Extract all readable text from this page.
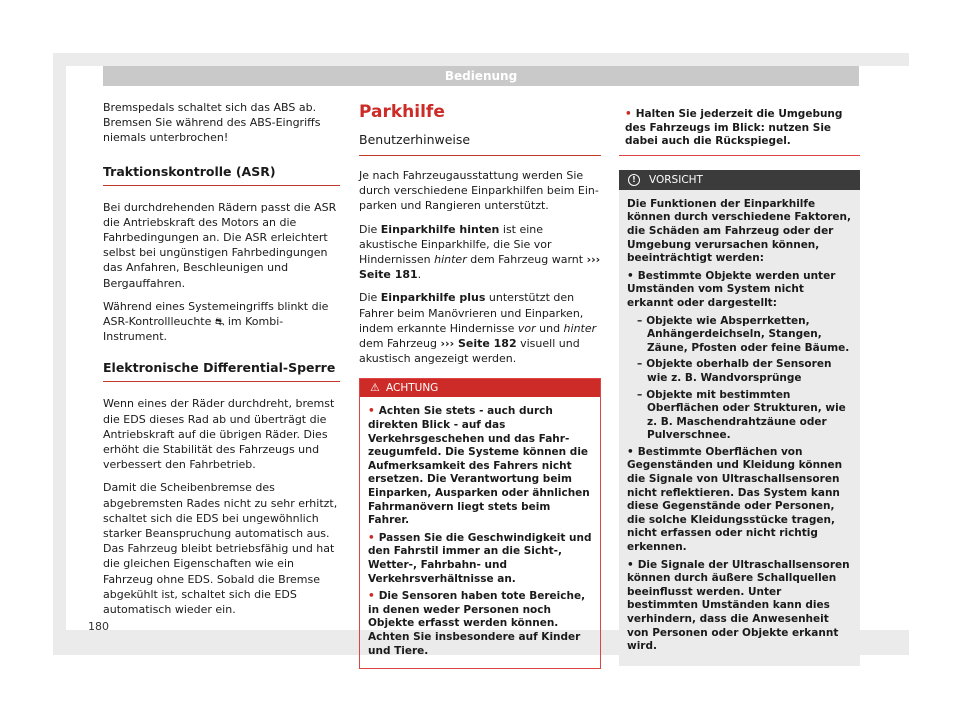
Bedienung

Bremspedals schaltet sich das ABS ab. Bremsen Sie während des ABS-Eingriffs niemals unterbrochen!

Traktionskontrolle (ASR)

Bei durchdrehenden Rädern passt die ASR die Antriebskraft des Motors an die Fahrbedingungen an. Die ASR erleichtert selbst bei ungünstigen Fahrbedingungen das Anfahren, Beschleunigen und Bergauffahren.

Während eines Systemeingriffs blinkt die ASR-Kontrollleuchte ⛐ im Kombi-Instrument.

Elektronische Differential-Sperre

Wenn eines der Räder durchdreht, bremst die EDS dieses Rad ab und überträgt die Antriebskraft auf die übrigen Räder. Dies erhöht die Stabilität des Fahrzeugs und verbessert den Fahrbetrieb.

Damit die Scheibenbremse des abgebremsten Rades nicht zu sehr erhitzt, schaltet sich die EDS bei ungewöhnlich starker Beanspruchung automatisch aus. Das Fahrzeug bleibt betriebsfähig und hat die gleichen Eigenschaften wie ein Fahrzeug ohne EDS. Sobald die Bremse abgekühlt ist, schaltet sich die EDS automatisch wieder ein.

Parkhilfe
Benutzerhinweise

Je nach Fahrzeugausstattung werden Sie durch verschiedene Einparkhilfen beim Einparken und Rangieren unterstützt.

Die Einparkhilfe hinten ist eine akustische Einparkhilfe, die Sie vor Hindernissen hinter dem Fahrzeug warnt ››› Seite 181.

Die Einparkhilfe plus unterstützt den Fahrer beim Manövrieren und Einparken, indem erkannte Hindernisse vor und hinter dem Fahrzeug ››› Seite 182 visuell und akustisch angezeigt werden.

⚠ ACHTUNG
• Achten Sie stets - auch durch direkten Blick - auf das Verkehrsgeschehen und das Fahrzeugumfeld. Die Systeme können die Aufmerksamkeit des Fahrers nicht ersetzen. Die Verantwortung beim Einparken, Ausparken oder ähnlichen Fahrmanövern liegt stets beim Fahrer.
• Passen Sie die Geschwindigkeit und den Fahrstil immer an die Sicht-, Wetter-, Fahrbahn- und Verkehrsverhältnisse an.
• Die Sensoren haben tote Bereiche, in denen weder Personen noch Objekte erfasst werden können. Achten Sie insbesondere auf Kinder und Tiere.
• Halten Sie jederzeit die Umgebung des Fahrzeugs im Blick: nutzen Sie dabei auch die Rückspiegel.
!	VORSICHT
Die Funktionen der Einparkhilfe können durch verschiedene Faktoren, die Schäden am Fahrzeug oder der Umgebung verursachen können, beeinträchtigt werden:
• Bestimmte Objekte werden unter Umständen vom System nicht erkannt oder dargestellt:
– Objekte wie Absperrketten, Anhängerdeichseln, Stangen, Zäune, Pfosten oder feine Bäume.
– Objekte oberhalb der Sensoren wie z. B. Wandvorsprünge
– Objekte mit bestimmten Oberflächen oder Strukturen, wie z. B. Maschendrahtzäune oder Pulverschnee.
• Bestimmte Oberflächen von Gegenständen und Kleidung können die Signale von Ultraschallsensoren nicht reflektieren. Das System kann diese Gegenstände oder Personen, die solche Kleidungsstücke tragen, nicht erfassen oder nicht richtig erkennen.
• Die Signale der Ultraschallsensoren können durch äußere Schallquellen beeinflusst werden. Unter bestimmten Umständen kann dies verhindern, dass die Anwesenheit von Personen oder Objekte erkannt wird.
180
